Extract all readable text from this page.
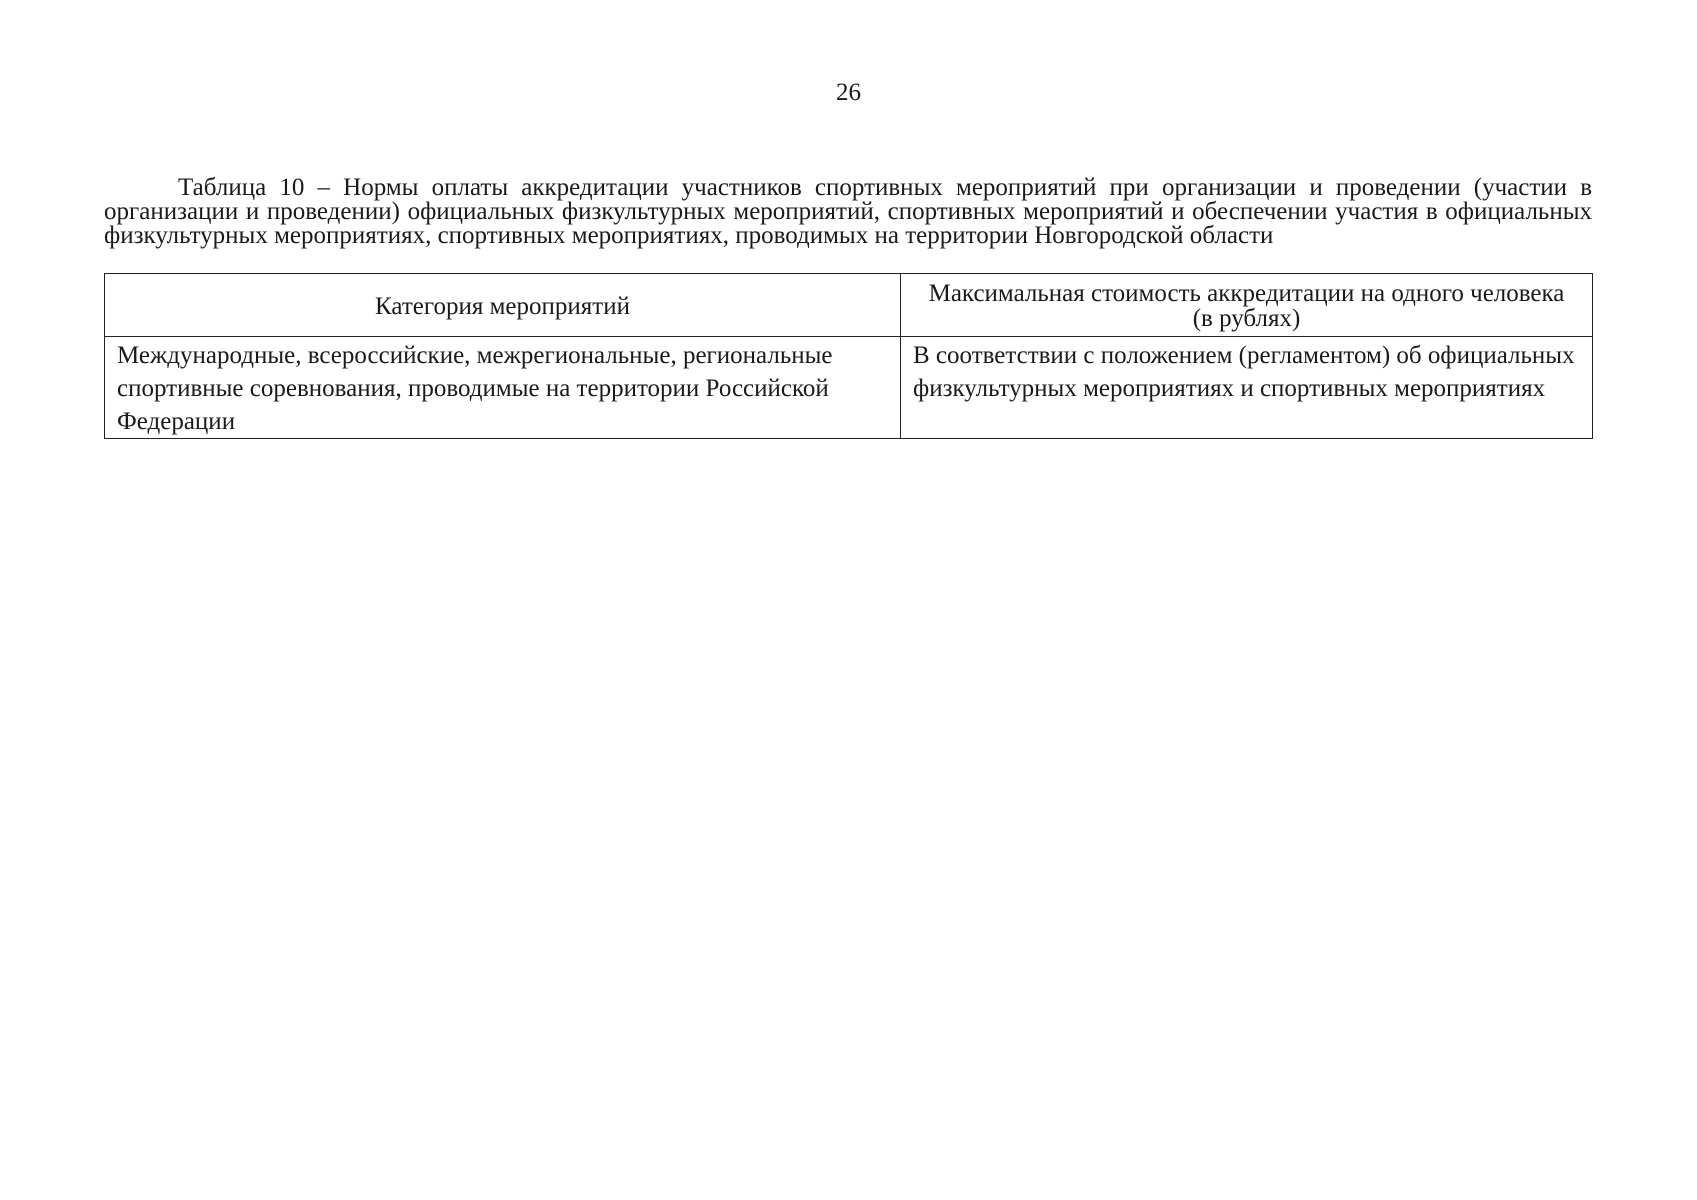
26

Таблица 10 – Нормы оплаты аккредитации участников спортивных мероприятий при организации и проведении (участии в организации и проведении) официальных физкультурных мероприятий, спортивных мероприятий и обеспечении участия в официальных физкультурных мероприятиях, спортивных мероприятиях, проводимых на территории Новгородской области

Категория мероприятий	Максимальная стоимость аккредитации на одного человека (в рублях)
Международные, всероссийские, межрегиональные, региональные спортивные соревнования, проводимые на территории Российской Федерации	В соответствии с положением (регламентом) об официальных физкультурных мероприятиях и спортивных мероприятиях
